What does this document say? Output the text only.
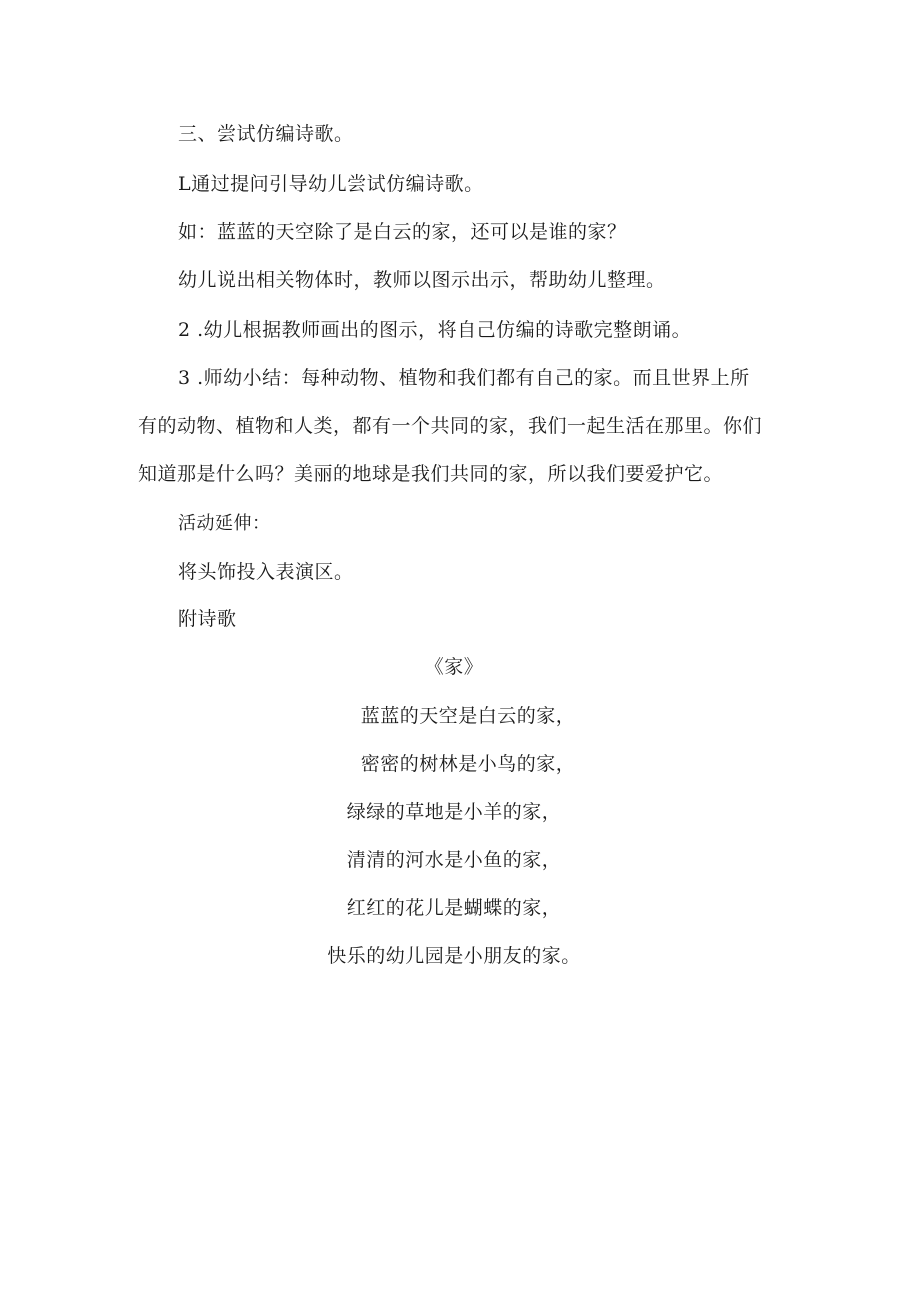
三、尝试仿编诗歌。
L通过提问引导幼儿尝试仿编诗歌。
如：蓝蓝的天空除了是白云的家，还可以是谁的家？
幼儿说出相关物体时，教师以图示出示，帮助幼儿整理。
2 .幼儿根据教师画出的图示，将自己仿编的诗歌完整朗诵。
3 .师幼小结：每种动物、植物和我们都有自己的家。而且世界上所
有的动物、植物和人类，都有一个共同的家，我们一起生活在那里。你们
知道那是什么吗？美丽的地球是我们共同的家，所以我们要爱护它。
活动延伸：
将头饰投入表演区。
附诗歌
《家》
蓝蓝的天空是白云的家，
密密的树林是小鸟的家，
绿绿的草地是小羊的家，
清清的河水是小鱼的家，
红红的花儿是蝴蝶的家，
快乐的幼儿园是小朋友的家。
